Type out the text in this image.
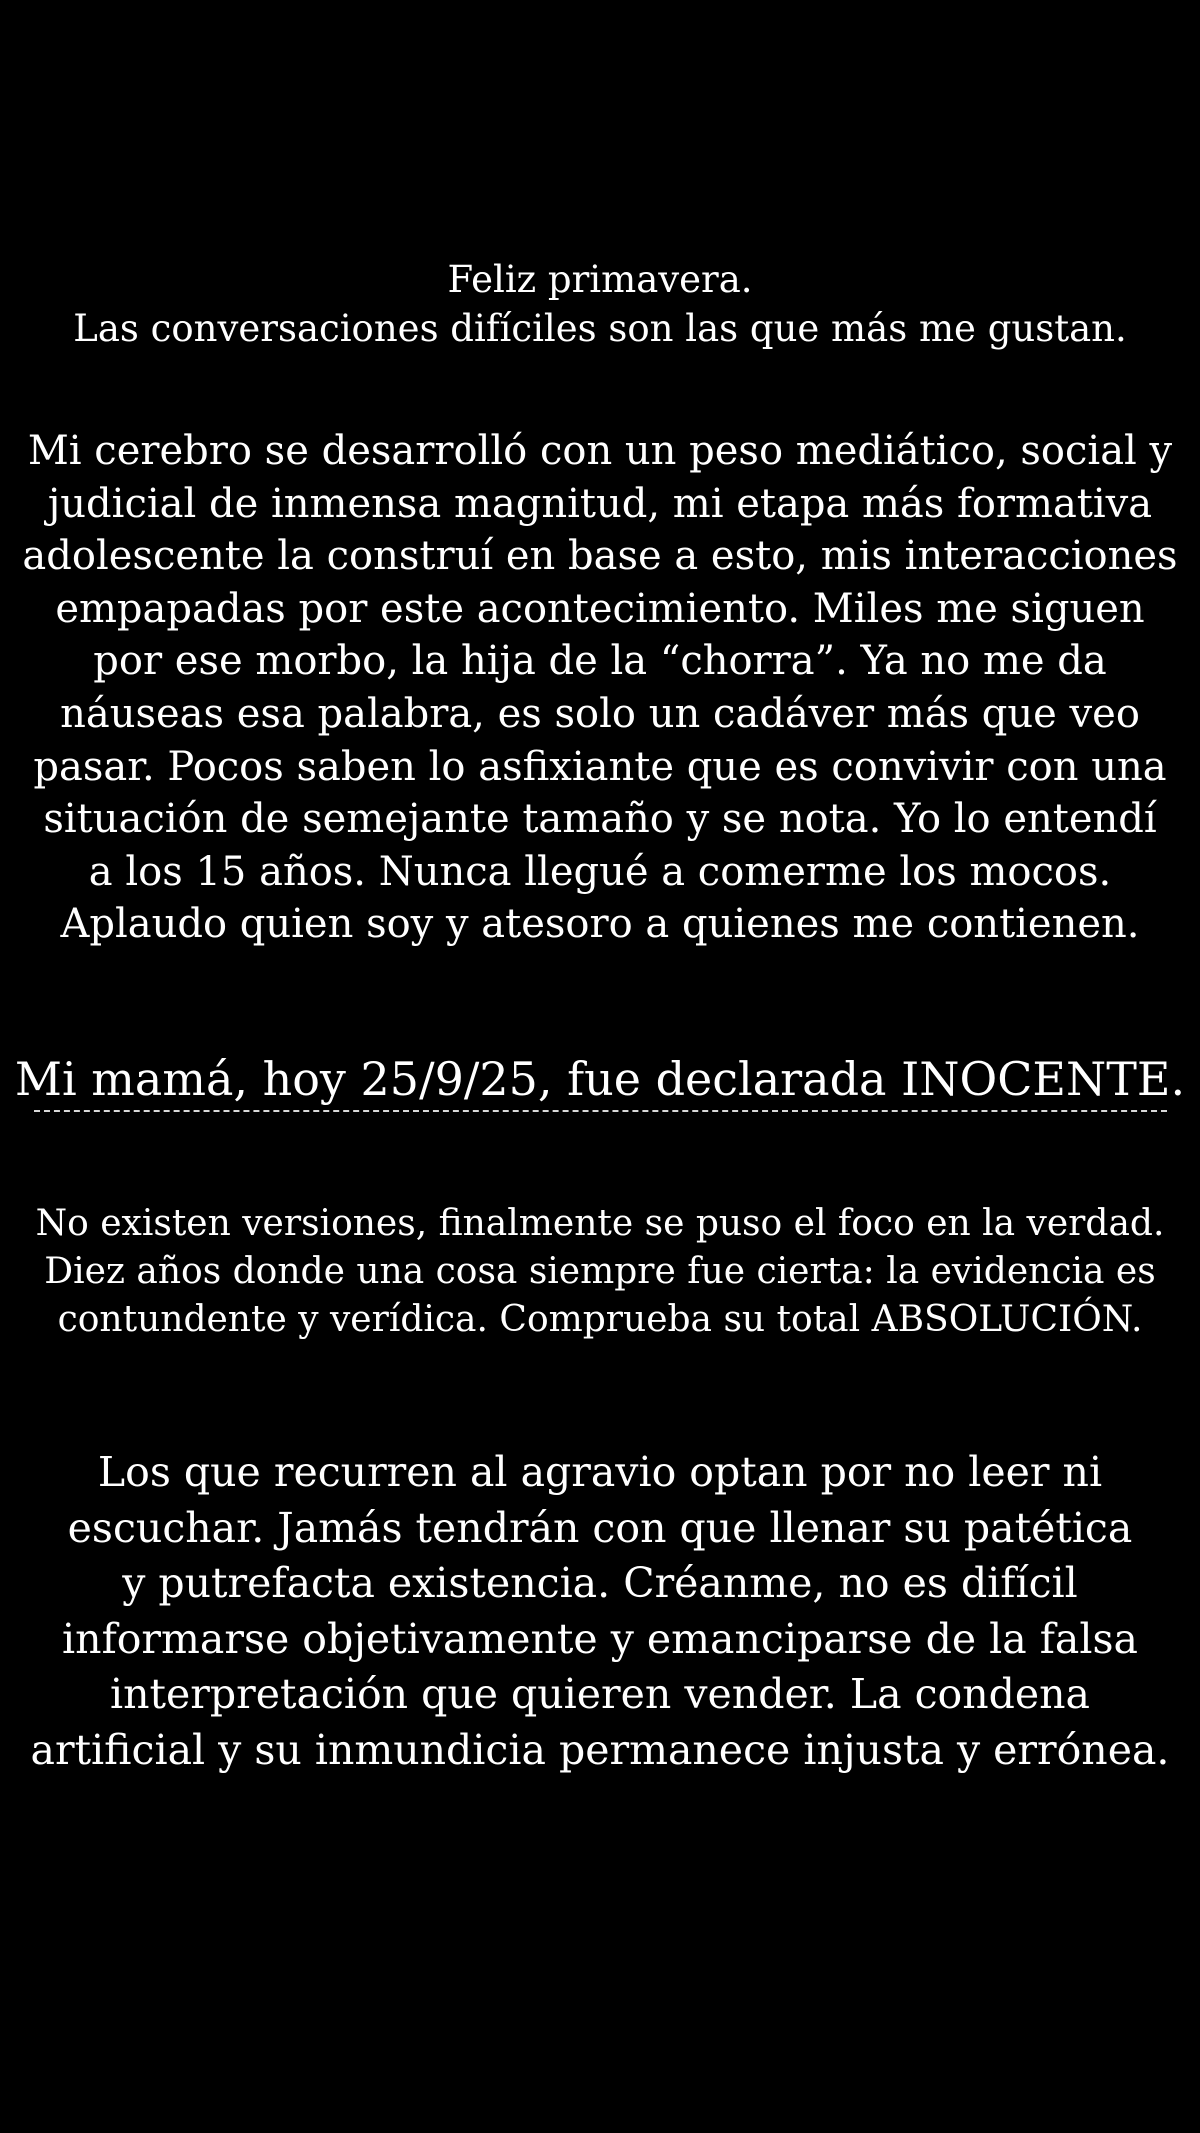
Feliz primavera.
Las conversaciones difíciles son las que más me gustan.

Mi cerebro se desarrolló con un peso mediático, social y
judicial de inmensa magnitud, mi etapa más formativa
adolescente la construí en base a esto, mis interacciones
empapadas por este acontecimiento. Miles me siguen
por ese morbo, la hija de la “chorra”. Ya no me da
náuseas esa palabra, es solo un cadáver más que veo
pasar. Pocos saben lo asfixiante que es convivir con una
situación de semejante tamaño y se nota. Yo lo entendí
a los 15 años. Nunca llegué a comerme los mocos.
Aplaudo quien soy y atesoro a quienes me contienen.

Mi mamá, hoy 25/9/25, fue declarada INOCENTE.

No existen versiones, finalmente se puso el foco en la verdad.
Diez años donde una cosa siempre fue cierta: la evidencia es
contundente y verídica. Comprueba su total ABSOLUCIÓN.

Los que recurren al agravio optan por no leer ni
escuchar. Jamás tendrán con que llenar su patética
y putrefacta existencia. Créanme, no es difícil
informarse objetivamente y emanciparse de la falsa
interpretación que quieren vender. La condena
artificial y su inmundicia permanece injusta y errónea.
